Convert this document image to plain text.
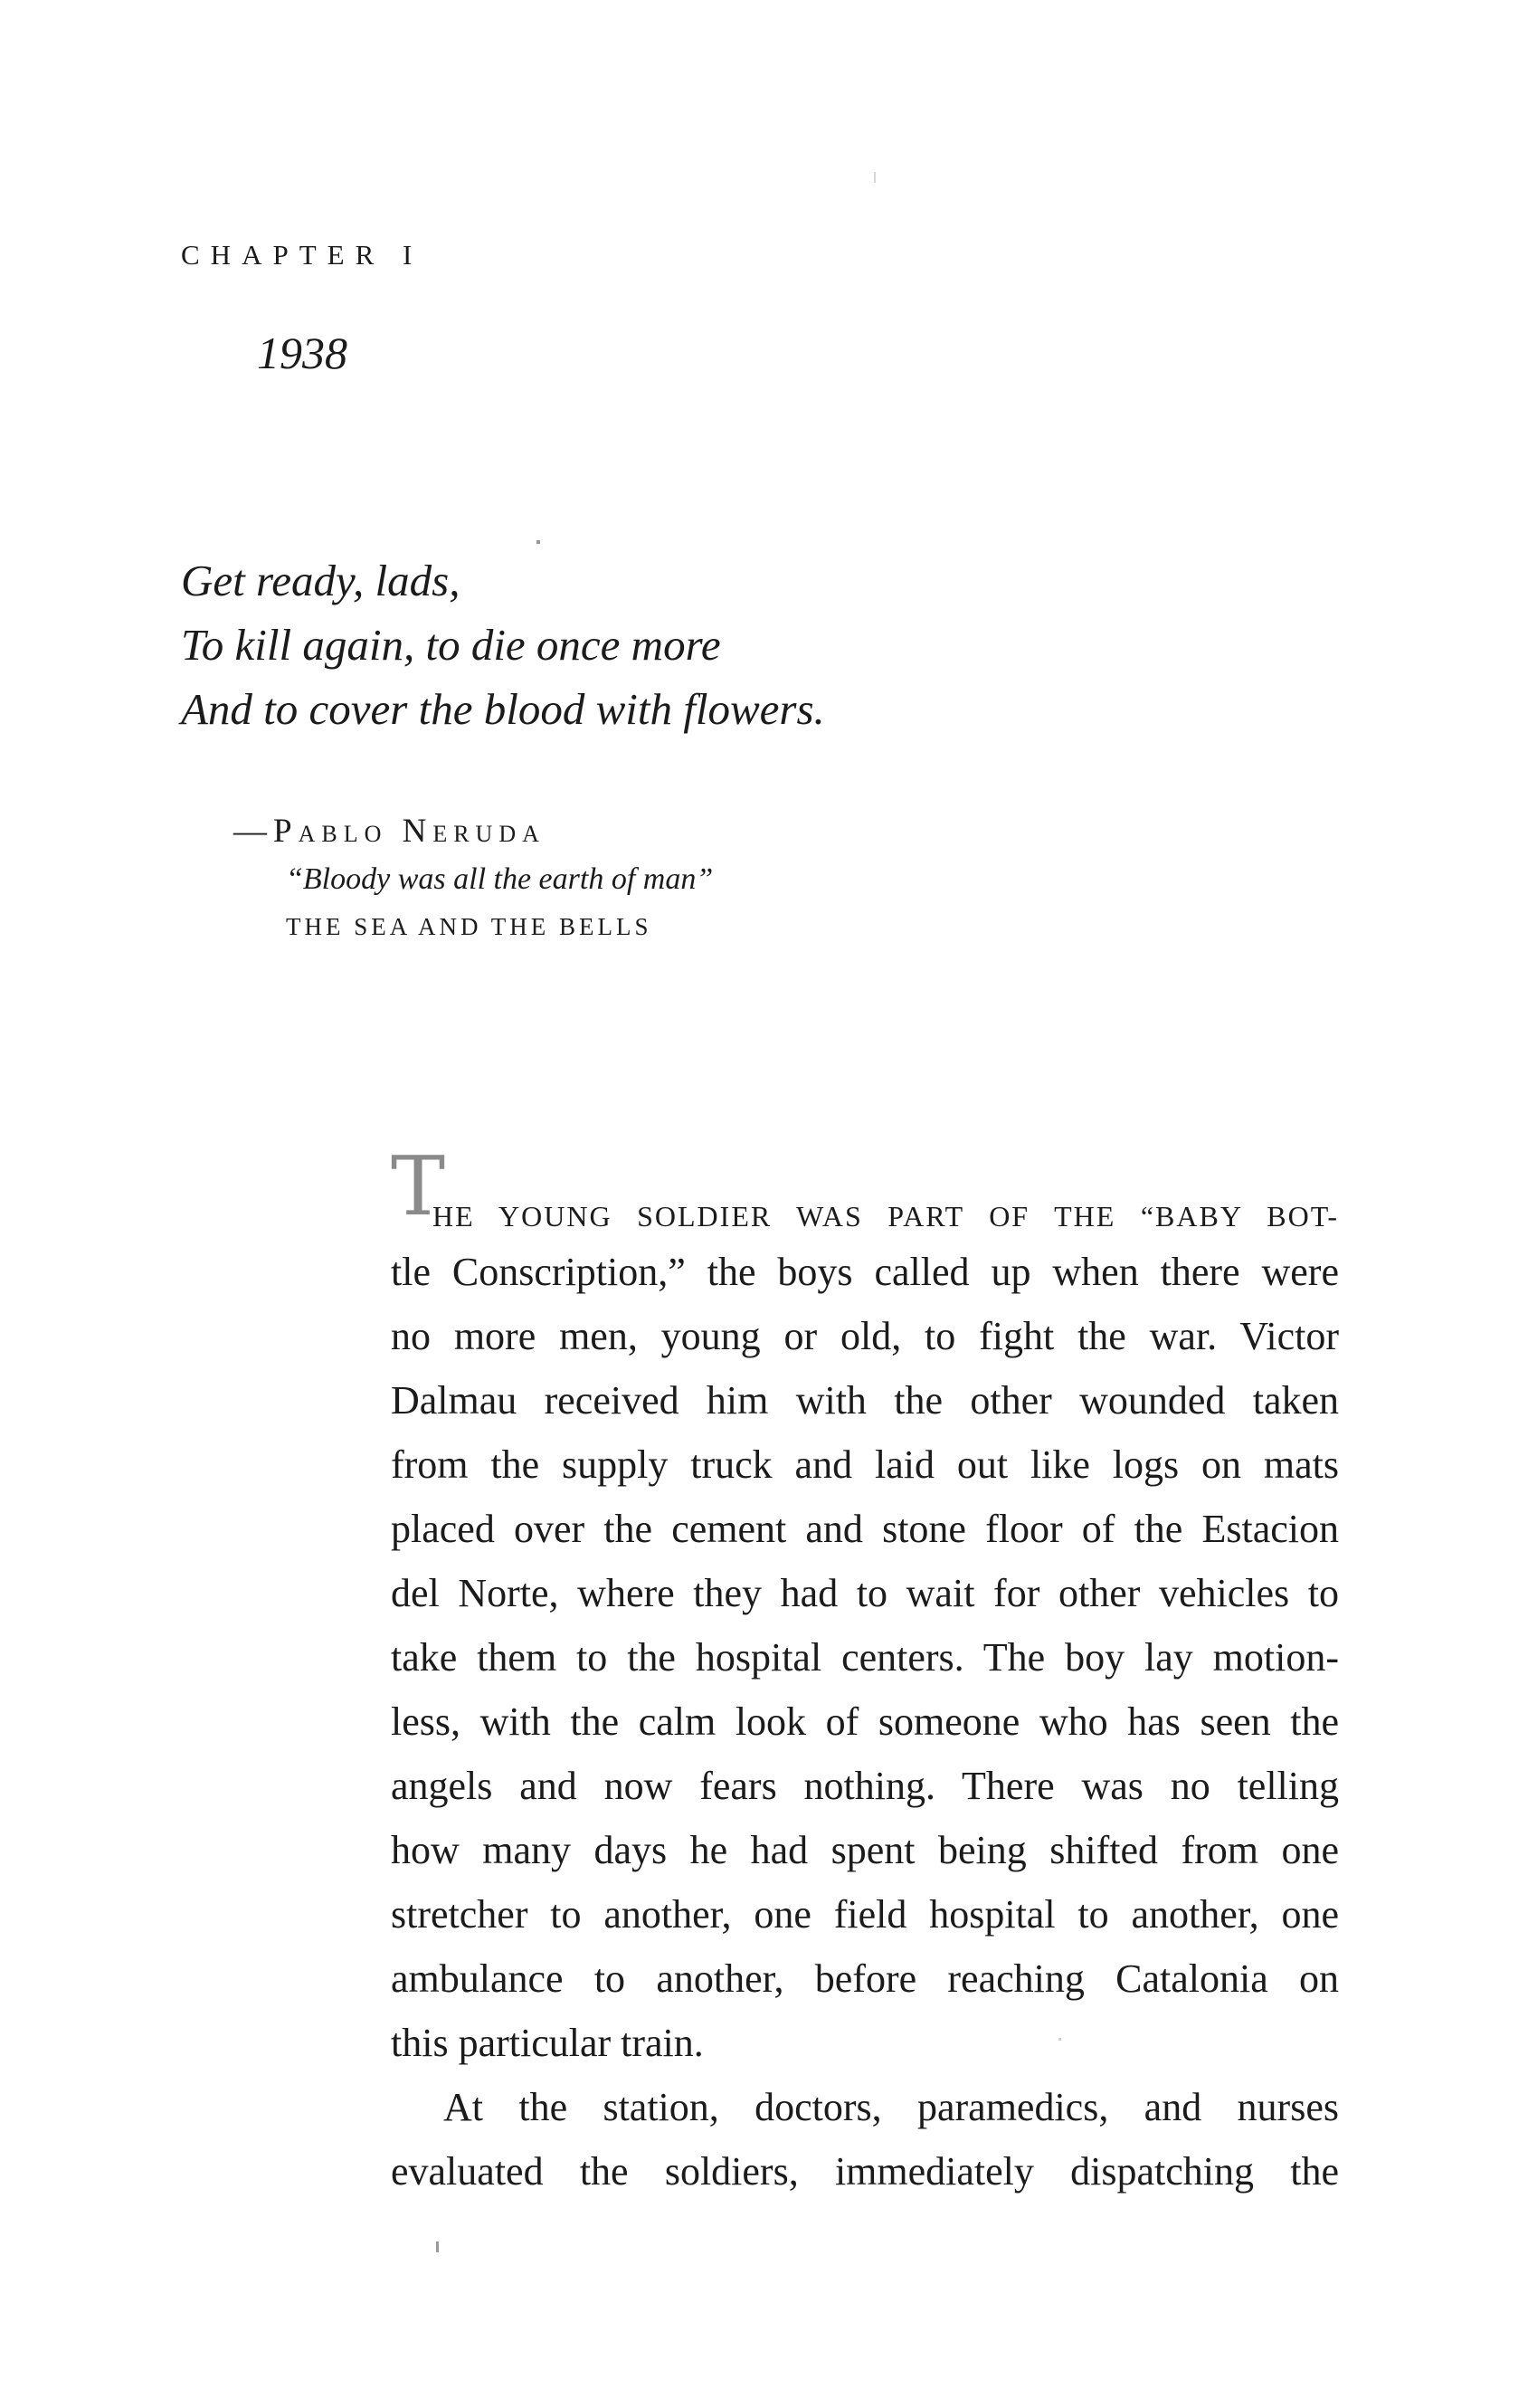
CHAPTER I
1938
Get ready, lads,
To kill again, to die once more
And to cover the blood with flowers.
—Pablo Neruda
“Bloody was all the earth of man”
THE SEA AND THE BELLS
T
HE YOUNG SOLDIER WAS PART OF THE “BABY BOT-
tle Conscription,” the boys called up when there were
no more men, young or old, to fight the war. Victor
Dalmau received him with the other wounded taken
from the supply truck and laid out like logs on mats
placed over the cement and stone floor of the Estacion
del Norte, where they had to wait for other vehicles to
take them to the hospital centers. The boy lay motion-
less, with the calm look of someone who has seen the
angels and now fears nothing. There was no telling
how many days he had spent being shifted from one
stretcher to another, one field hospital to another, one
ambulance to another, before reaching Catalonia on
this particular train.
At the station, doctors, paramedics, and nurses
evaluated the soldiers, immediately dispatching the
